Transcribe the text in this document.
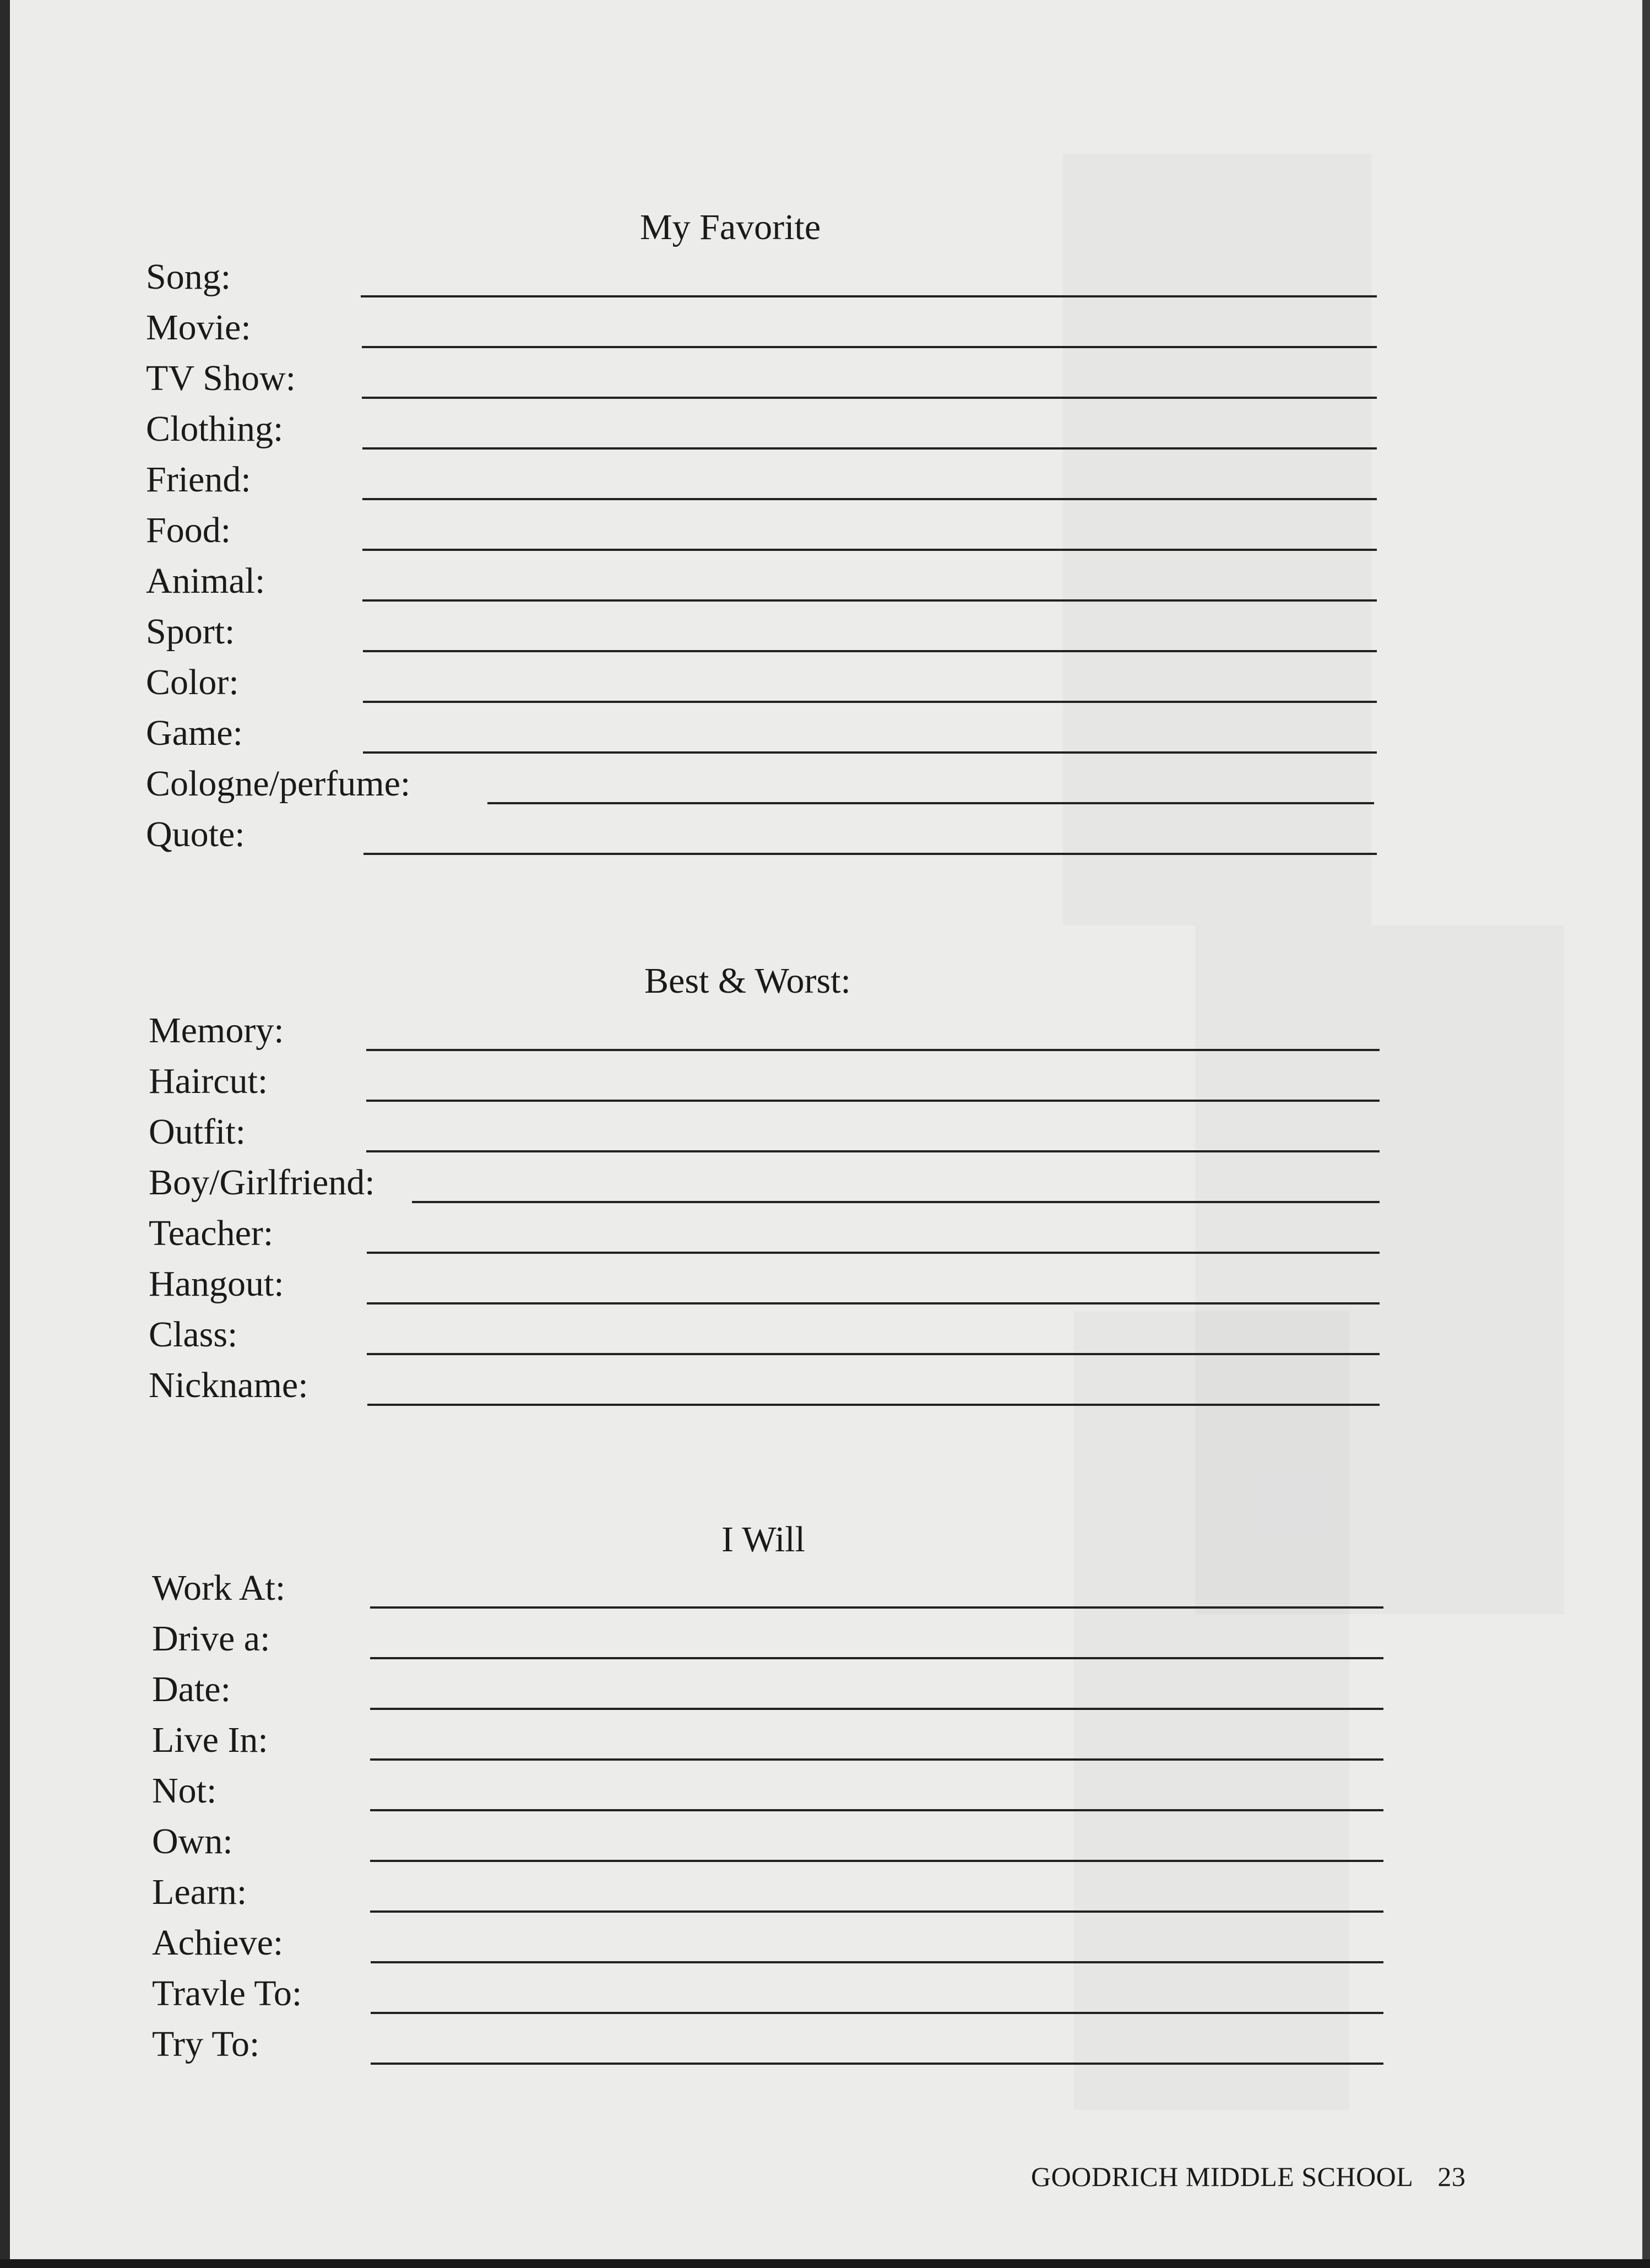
My Favorite
Song:
Movie:
TV Show:
Clothing:
Friend:
Food:
Animal:
Sport:
Color:
Game:
Cologne/perfume:
Quote:
Best & Worst:
Memory:
Haircut:
Outfit:
Boy/Girlfriend:
Teacher:
Hangout:
Class:
Nickname:
I Will
Work At:
Drive a:
Date:
Live In:
Not:
Own:
Learn:
Achieve:
Travle To:
Try To:
GOODRICH MIDDLE SCHOOL 23
